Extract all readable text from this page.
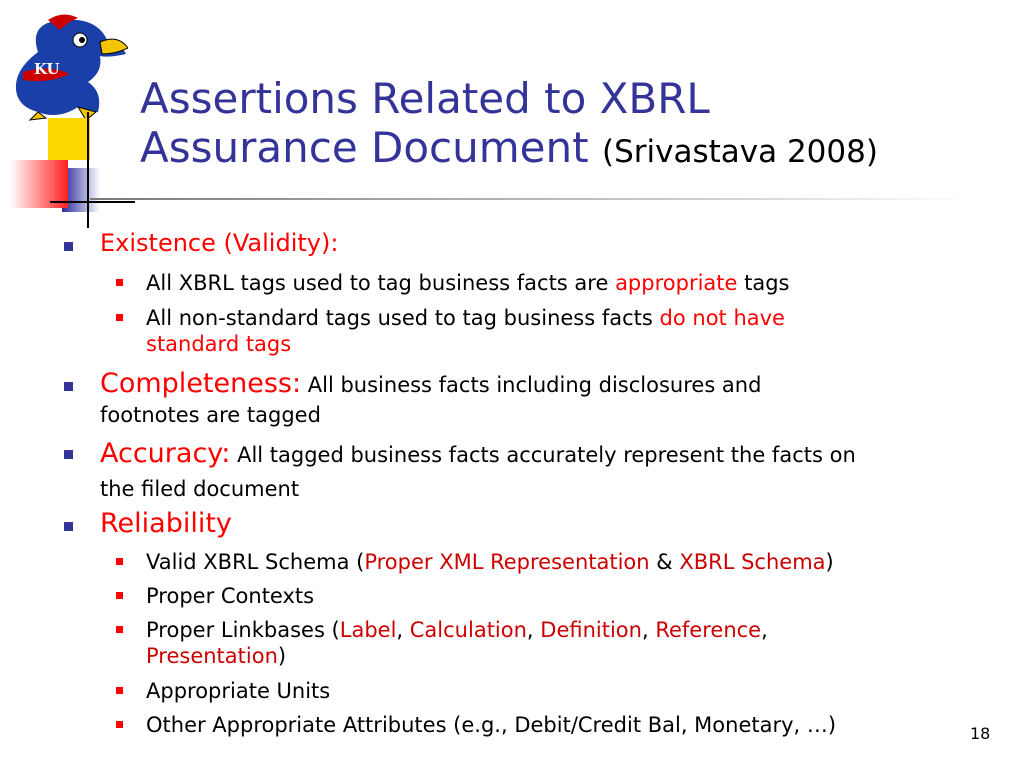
KU
Assertions Related to XBRL
Assurance Document (Srivastava 2008)
Existence (Validity):
All XBRL tags used to tag business facts are appropriate tags
All non-standard tags used to tag business facts do not have
standard tags
Completeness: All business facts including disclosures and
footnotes are tagged
Accuracy: All tagged business facts accurately represent the facts on
the filed document
Reliability
Valid XBRL Schema (Proper XML Representation & XBRL Schema)
Proper Contexts
Proper Linkbases (Label, Calculation, Definition, Reference,
Presentation)
Appropriate Units
Other Appropriate Attributes (e.g., Debit/Credit Bal, Monetary, …)	18
